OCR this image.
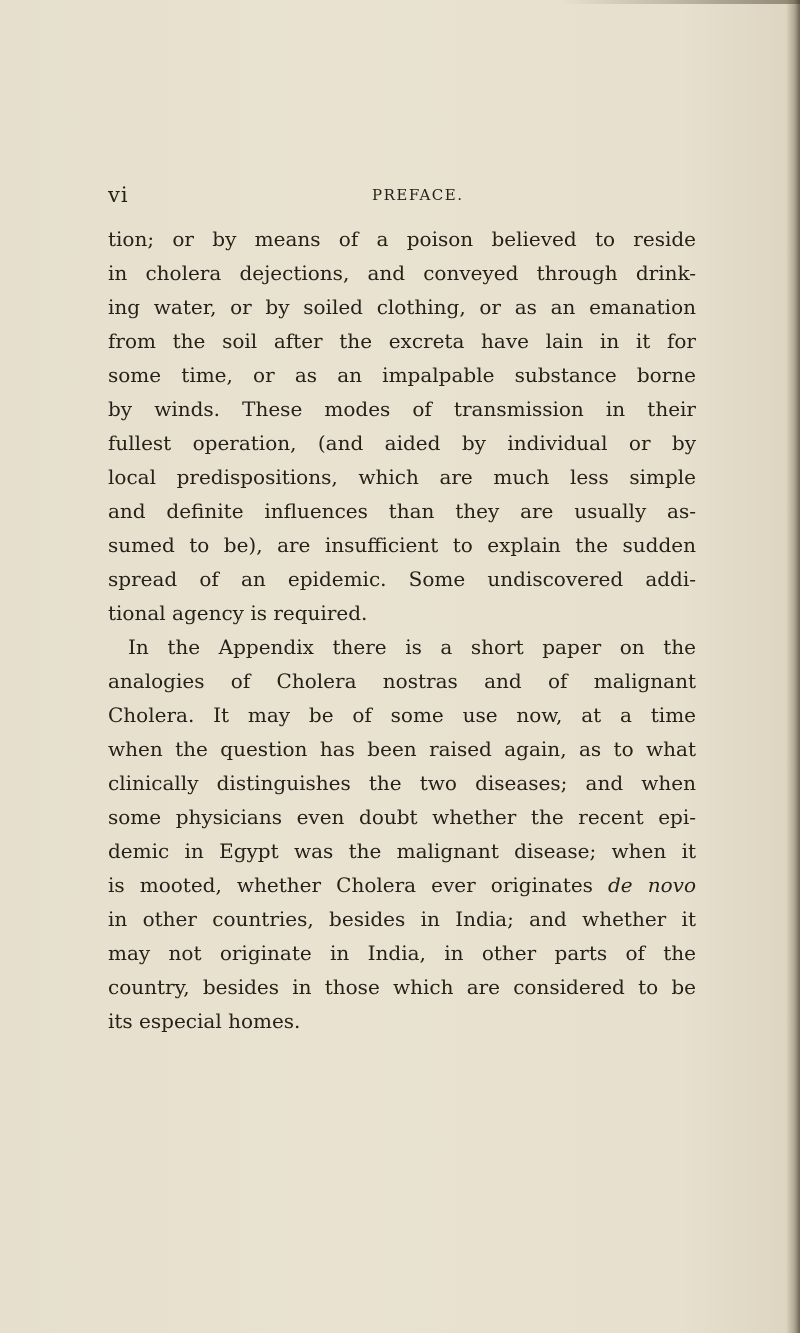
vi	PREFACE.
tion; or by means of a poison believed to reside
in cholera dejections, and conveyed through drink-
ing water, or by soiled clothing, or as an emanation
from the soil after the excreta have lain in it for
some time, or as an impalpable substance borne
by winds. These modes of transmission in their
fullest operation, (and aided by individual or by
local predispositions, which are much less simple
and definite influences than they are usually as-
sumed to be), are insufficient to explain the sudden
spread of an epidemic. Some undiscovered addi-
tional agency is required.
In the Appendix there is a short paper on the
analogies of Cholera nostras and of malignant
Cholera. It may be of some use now, at a time
when the question has been raised again, as to what
clinically distinguishes the two diseases; and when
some physicians even doubt whether the recent epi-
demic in Egypt was the malignant disease; when it
is mooted, whether Cholera ever originates de novo
in other countries, besides in India; and whether it
may not originate in India, in other parts of the
country, besides in those which are considered to be
its especial homes.
